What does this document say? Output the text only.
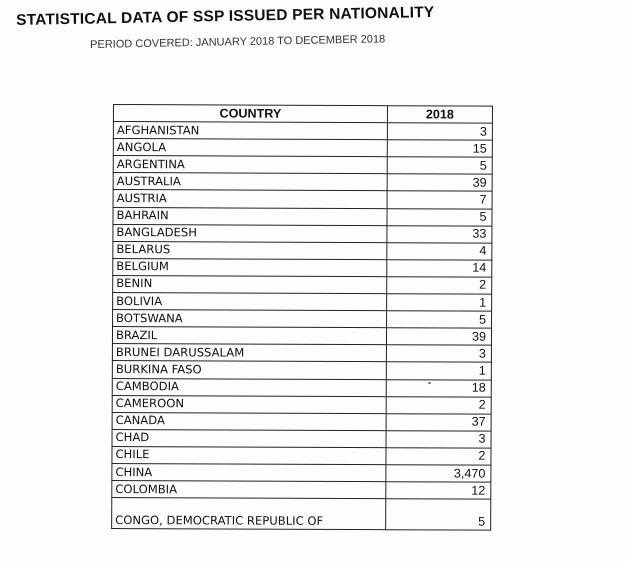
STATISTICAL DATA OF SSP ISSUED PER NATIONALITY
PERIOD COVERED: JANUARY 2018 TO DECEMBER 2018
COUNTRY	2018
AFGHANISTAN	3
ANGOLA	15
ARGENTINA	5
AUSTRALIA	39
AUSTRIA	7
BAHRAIN	5
BANGLADESH	33
BELARUS	4
BELGIUM	14
BENIN	2
BOLIVIA	1
BOTSWANA	5
BRAZIL	39
BRUNEI DARUSSALAM	3
BURKINA FASO	1
CAMBODIA	18
CAMEROON	2
CANADA	37
CHAD	3
CHILE	2
CHINA	3,470
COLOMBIA	12

CONGO, DEMOCRATIC REPUBLIC OF	5
